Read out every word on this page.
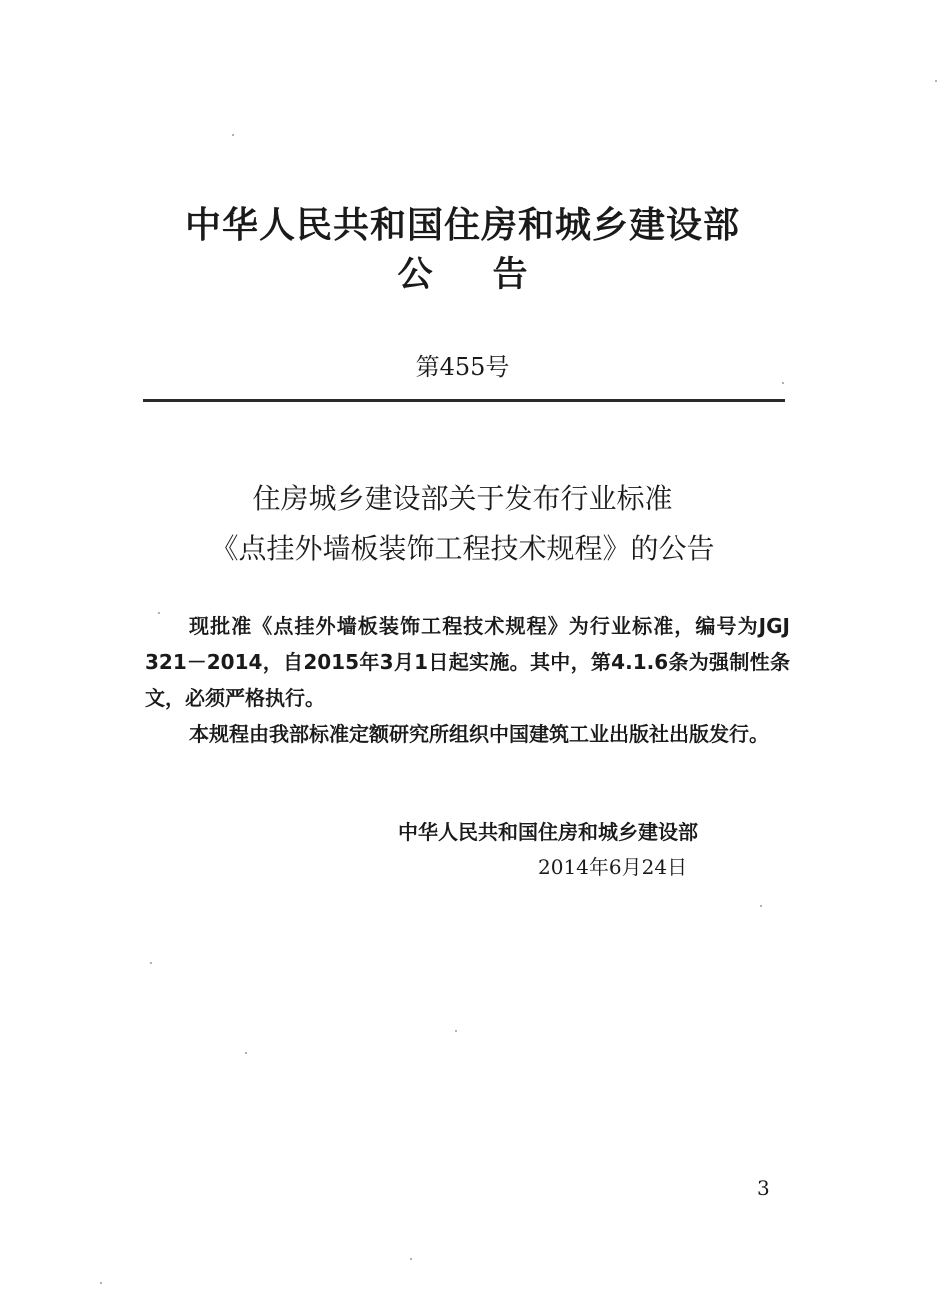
中华人民共和国住房和城乡建设部
公告
第455号
住房城乡建设部关于发布行业标准
《点挂外墙板装饰工程技术规程》的公告

现批准《点挂外墙板装饰工程技术规程》为行业标准，编号为JGJ 321－2014，自2015年3月1日起实施。其中，第4.1.6条为强制性条文，必须严格执行。

本规程由我部标准定额研究所组织中国建筑工业出版社出版发行。

中华人民共和国住房和城乡建设部
2014年6月24日
3
